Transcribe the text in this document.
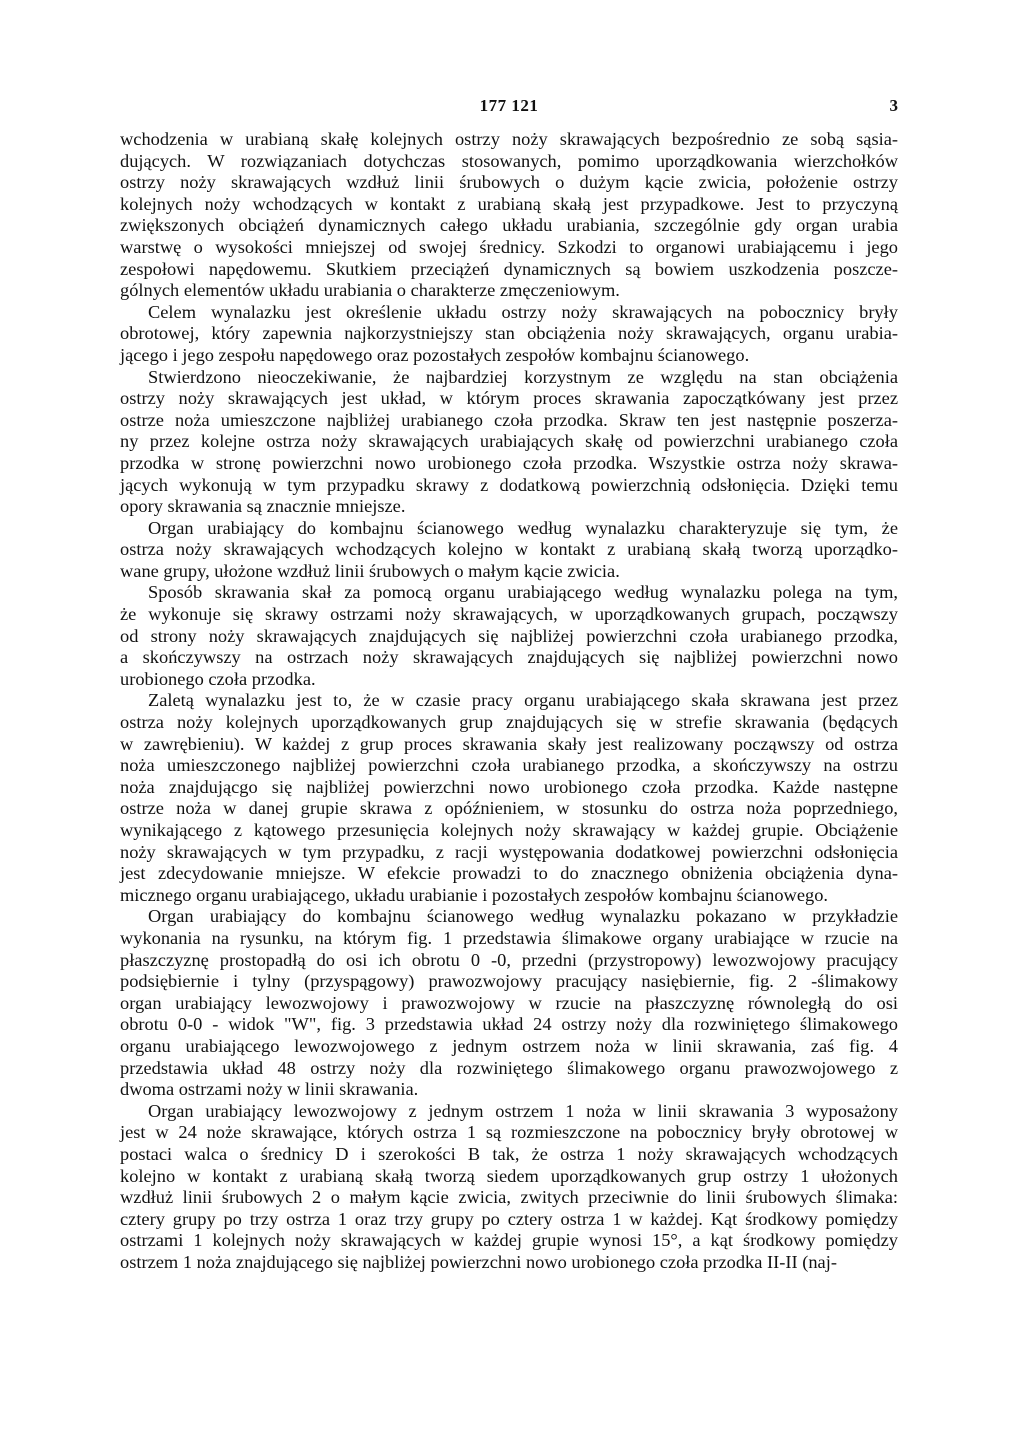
177 121	3

wchodzenia w urabianą skałę kolejnych ostrzy noży skrawających bezpośrednio ze sobą sąsia-
dujących. W rozwiązaniach dotychczas stosowanych, pomimo uporządkowania wierzchołków
ostrzy noży skrawających wzdłuż linii śrubowych o dużym kącie zwicia, położenie ostrzy
kolejnych noży wchodzących w kontakt z urabianą skałą jest przypadkowe. Jest to przyczyną
zwiększonych obciążeń dynamicznych całego układu urabiania, szczególnie gdy organ urabia
warstwę o wysokości mniejszej od swojej średnicy. Szkodzi to organowi urabiającemu i jego
zespołowi napędowemu. Skutkiem przeciążeń dynamicznych są bowiem uszkodzenia poszcze-
gólnych elementów układu urabiania o charakterze zmęczeniowym.

Celem wynalazku jest określenie układu ostrzy noży skrawających na pobocznicy bryły
obrotowej, który zapewnia najkorzystniejszy stan obciążenia noży skrawających, organu urabia-
jącego i jego zespołu napędowego oraz pozostałych zespołów kombajnu ścianowego.

Stwierdzono nieoczekiwanie, że najbardziej korzystnym ze względu na stan obciążenia
ostrzy noży skrawających jest układ, w którym proces skrawania zapoczątkówany jest przez
ostrze noża umieszczone najbliżej urabianego czoła przodka. Skraw ten jest następnie poszerza-
ny przez kolejne ostrza noży skrawających urabiających skałę od powierzchni urabianego czoła
przodka w stronę powierzchni nowo urobionego czoła przodka. Wszystkie ostrza noży skrawa-
jących wykonują w tym przypadku skrawy z dodatkową powierzchnią odsłonięcia. Dzięki temu
opory skrawania są znacznie mniejsze.

Organ urabiający do kombajnu ścianowego według wynalazku charakteryzuje się tym, że
ostrza noży skrawających wchodzących kolejno w kontakt z urabianą skałą tworzą uporządko-
wane grupy, ułożone wzdłuż linii śrubowych o małym kącie zwicia.

Sposób skrawania skał za pomocą organu urabiającego według wynalazku polega na tym,
że wykonuje się skrawy ostrzami noży skrawających, w uporządkowanych grupach, począwszy
od strony noży skrawających znajdujących się najbliżej powierzchni czoła urabianego przodka,
a skończywszy na ostrzach noży skrawających znajdujących się najbliżej powierzchni nowo
urobionego czoła przodka.

Zaletą wynalazku jest to, że w czasie pracy organu urabiającego skała skrawana jest przez
ostrza noży kolejnych uporządkowanych grup znajdujących się w strefie skrawania (będących
w zawrębieniu). W każdej z grup proces skrawania skały jest realizowany począwszy od ostrza
noża umieszczonego najbliżej powierzchni czoła urabianego przodka, a skończywszy na ostrzu
noża znajdującgo się najbliżej powierzchni nowo urobionego czoła przodka. Każde następne
ostrze noża w danej grupie skrawa z opóźnieniem, w stosunku do ostrza noża poprzedniego,
wynikającego z kątowego przesunięcia kolejnych noży skrawający w każdej grupie. Obciążenie
noży skrawających w tym przypadku, z racji występowania dodatkowej powierzchni odsłonięcia
jest zdecydowanie mniejsze. W efekcie prowadzi to do znacznego obniżenia obciążenia dyna-
micznego organu urabiającego, układu urabianie i pozostałych zespołów kombajnu ścianowego.

Organ urabiający do kombajnu ścianowego według wynalazku pokazano w przykładzie
wykonania na rysunku, na którym fig. 1 przedstawia ślimakowe organy urabiające w rzucie na
płaszczyznę prostopadłą do osi ich obrotu 0 -0, przedni (przystropowy) lewozwojowy pracujący
podsiębiernie i tylny (przyspągowy) prawozwojowy pracujący nasiębiernie, fig. 2 -ślimakowy
organ urabiający lewozwojowy i prawozwojowy w rzucie na płaszczyznę równoległą do osi
obrotu 0-0 - widok "W", fig. 3 przedstawia układ 24 ostrzy noży dla rozwiniętego ślimakowego
organu urabiającego lewozwojowego z jednym ostrzem noża w linii skrawania, zaś fig. 4
przedstawia układ 48 ostrzy noży dla rozwiniętego ślimakowego organu prawozwojowego z
dwoma ostrzami noży w linii skrawania.

Organ urabiający lewozwojowy z jednym ostrzem 1 noża w linii skrawania 3 wyposażony
jest w 24 noże skrawające, których ostrza 1 są rozmieszczone na pobocznicy bryły obrotowej w
postaci walca o średnicy D i szerokości B tak, że ostrza 1 noży skrawających wchodzących
kolejno w kontakt z urabianą skałą tworzą siedem uporządkowanych grup ostrzy 1 ułożonych
wzdłuż linii śrubowych 2 o małym kącie zwicia, zwitych przeciwnie do linii śrubowych ślimaka:
cztery grupy po trzy ostrza 1 oraz trzy grupy po cztery ostrza 1 w każdej. Kąt środkowy pomiędzy
ostrzami 1 kolejnych noży skrawających w każdej grupie wynosi 15°, a kąt środkowy pomiędzy
ostrzem 1 noża znajdującego się najbliżej powierzchni nowo urobionego czoła przodka II-II (naj-
